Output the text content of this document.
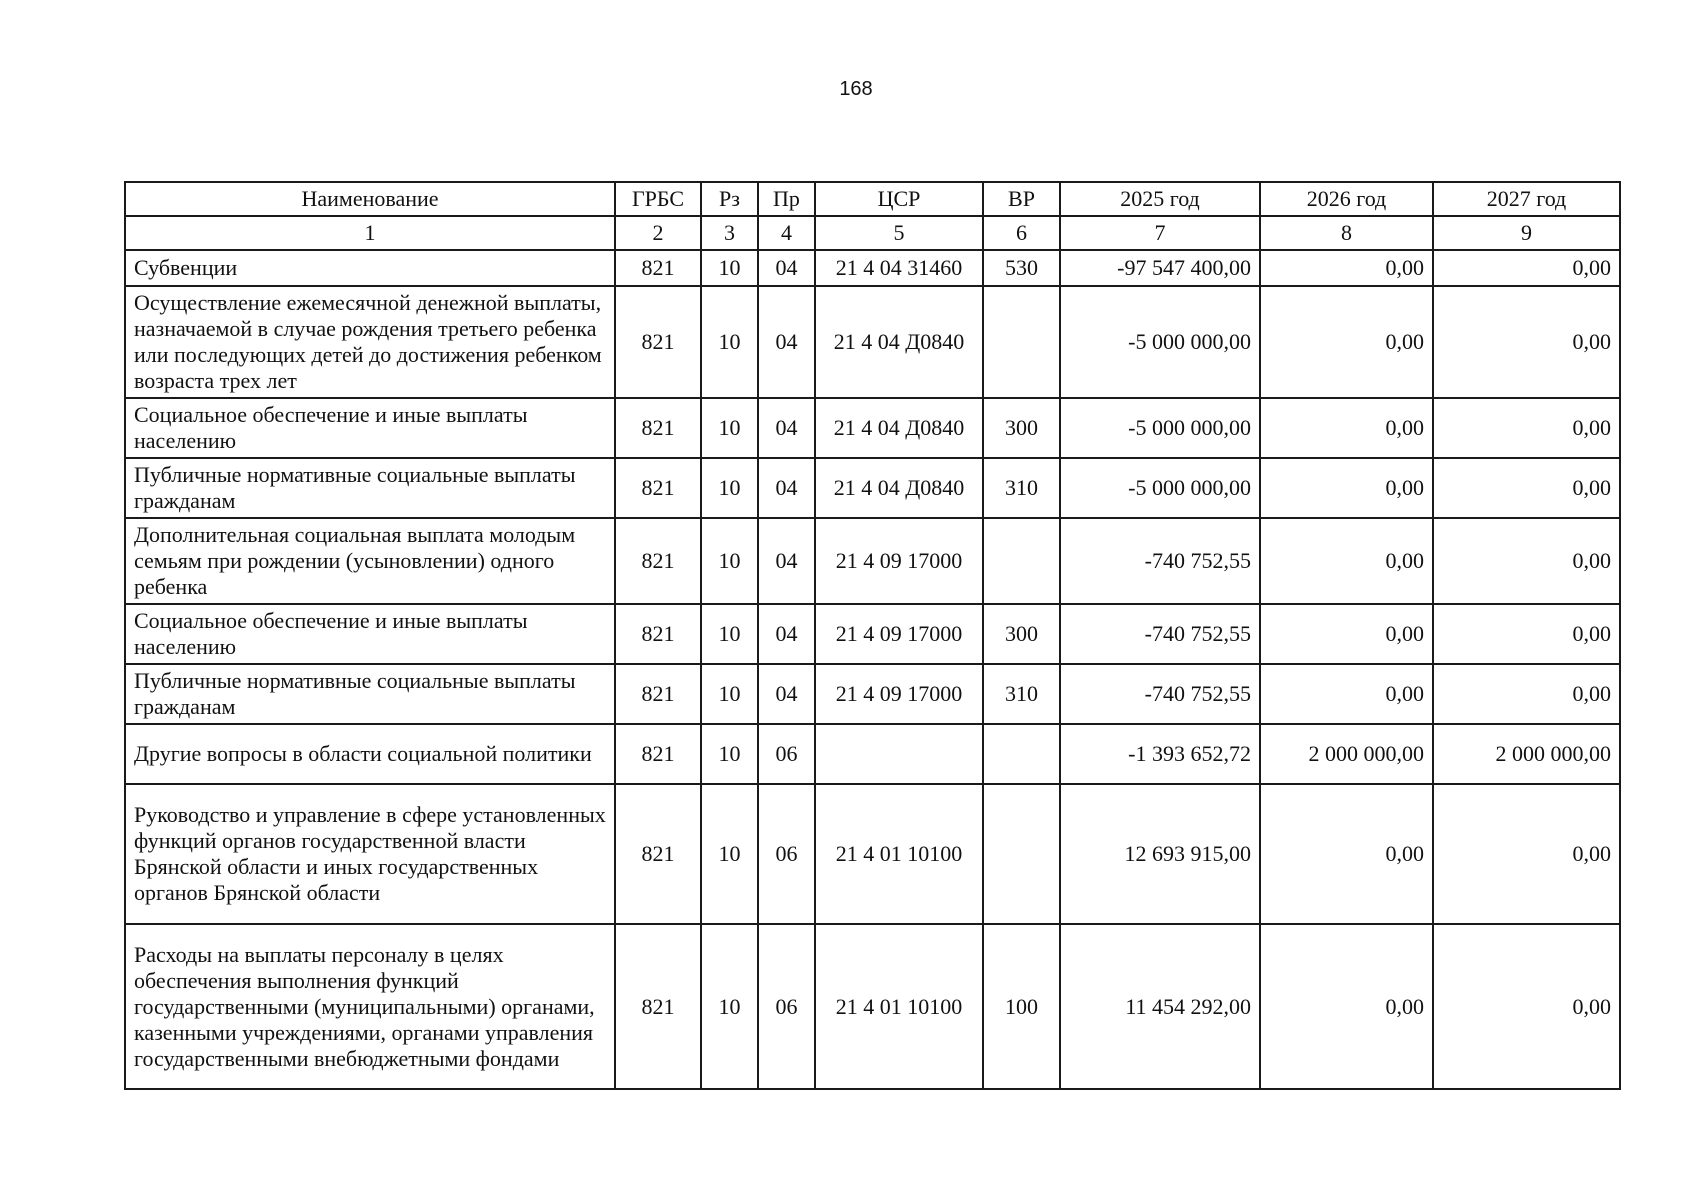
168
Наименование	ГРБС	Рз	Пр	ЦСР	ВР	2025 год	2026 год	2027 год
1	2	3	4	5	6	7	8	9
Субвенции	821	10	04	21 4 04 31460	530	-97 547 400,00	0,00	0,00
Осуществление ежемесячной денежной выплаты, назначаемой в случае рождения третьего ребенка или последующих детей до достижения ребенком возраста трех лет	821	10	04	21 4 04 Д0840		-5 000 000,00	0,00	0,00
Социальное обеспечение и иные выплаты населению	821	10	04	21 4 04 Д0840	300	-5 000 000,00	0,00	0,00
Публичные нормативные социальные выплаты гражданам	821	10	04	21 4 04 Д0840	310	-5 000 000,00	0,00	0,00
Дополнительная социальная выплата молодым семьям при рождении (усыновлении) одного ребенка	821	10	04	21 4 09 17000		-740 752,55	0,00	0,00
Социальное обеспечение и иные выплаты населению	821	10	04	21 4 09 17000	300	-740 752,55	0,00	0,00
Публичные нормативные социальные выплаты гражданам	821	10	04	21 4 09 17000	310	-740 752,55	0,00	0,00
Другие вопросы в области социальной политики	821	10	06			-1 393 652,72	2 000 000,00	2 000 000,00
Руководство и управление в сфере установленных функций органов государственной власти Брянской области и иных государственных органов Брянской области	821	10	06	21 4 01 10100		12 693 915,00	0,00	0,00
Расходы на выплаты персоналу в целях обеспечения выполнения функций государственными (муниципальными) органами, казенными учреждениями, органами управления государственными внебюджетными фондами	821	10	06	21 4 01 10100	100	11 454 292,00	0,00	0,00
